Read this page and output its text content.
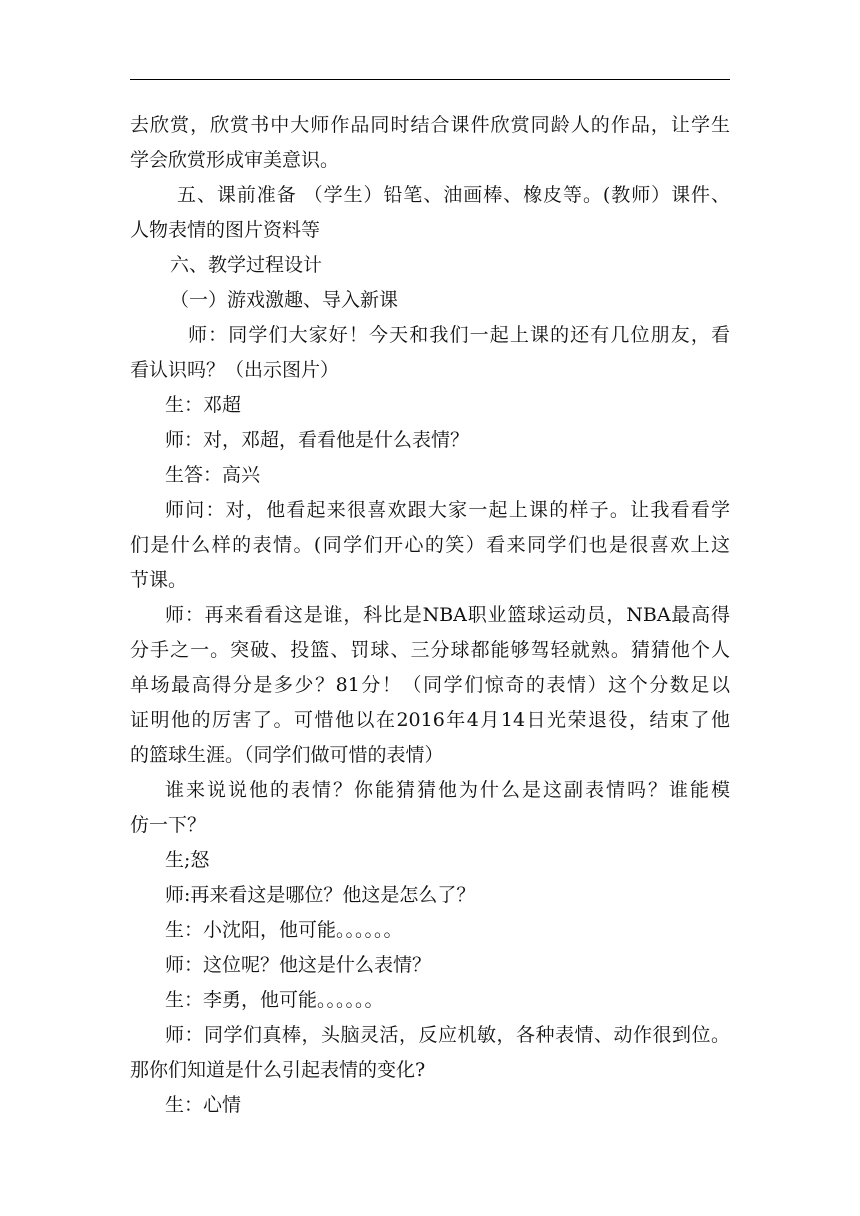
去欣赏，欣赏书中大师作品同时结合课件欣赏同龄人的作品，让学生

学会欣赏形成审美意识。

五、课前准备 （学生）铅笔、油画棒、橡皮等。(教师）课件、

人物表情的图片资料等

六、教学过程设计

（一）游戏激趣、导入新课

师：同学们大家好！今天和我们一起上课的还有几位朋友，看

看认识吗？（出示图片）

生：邓超

师：对，邓超，看看他是什么表情？

生答：高兴

师问：对，他看起来很喜欢跟大家一起上课的样子。让我看看学

们是什么样的表情。(同学们开心的笑）看来同学们也是很喜欢上这

节课。

师：再来看看这是谁，科比是NBA职业篮球运动员，NBA最高得

分手之一。突破、投篮、罚球、三分球都能够驾轻就熟。猜猜他个人

单场最高得分是多少？81分！（同学们惊奇的表情）这个分数足以

证明他的厉害了。可惜他以在2016年4月14日光荣退役，结束了他

的篮球生涯。（同学们做可惜的表情）

谁来说说他的表情？你能猜猜他为什么是这副表情吗？谁能模

仿一下？

生;怒

师:再来看这是哪位？他这是怎么了？

生：小沈阳，他可能。。。。。。

师：这位呢？他这是什么表情？

生：李勇，他可能。。。。。。

师：同学们真棒，头脑灵活，反应机敏，各种表情、动作很到位。

那你们知道是什么引起表情的变化?

生：心情
